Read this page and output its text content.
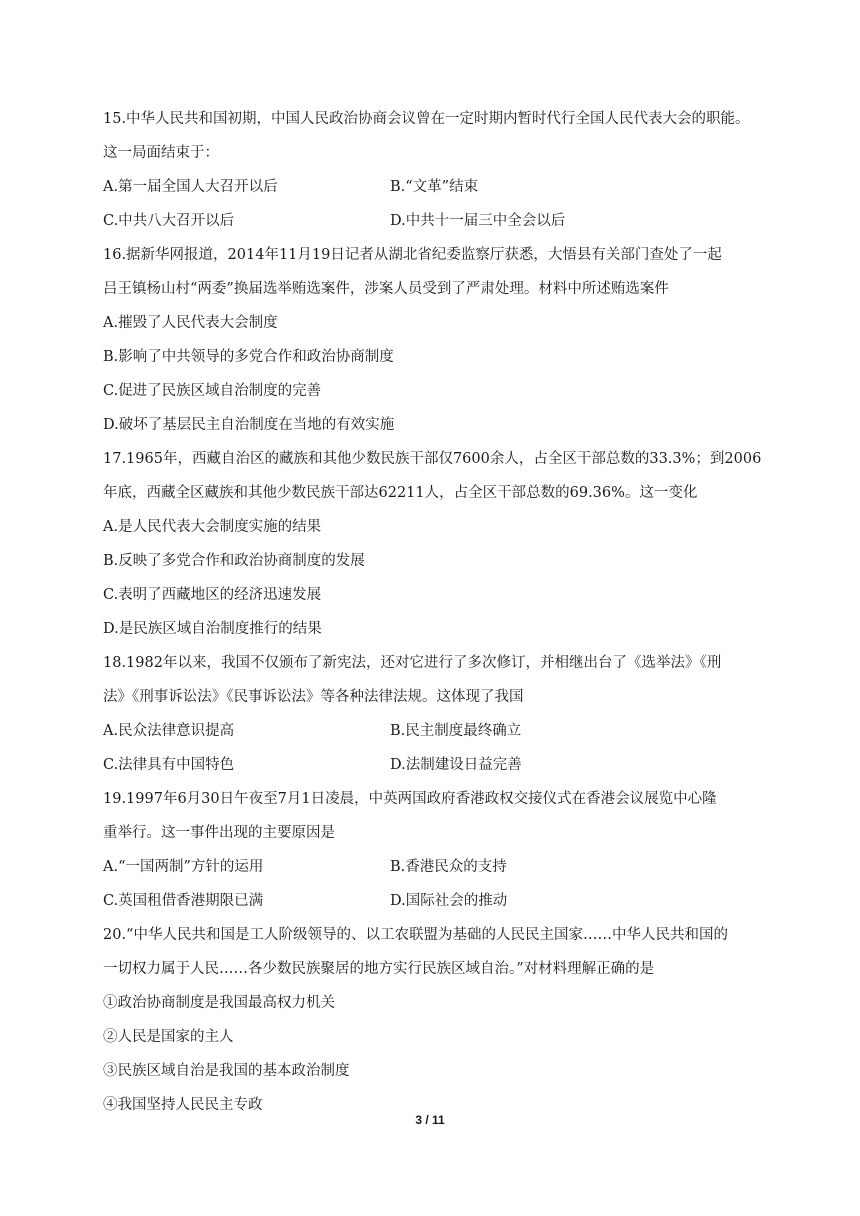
15.中华人民共和国初期，中国人民政治协商会议曾在一定时期内暂时代行全国人民代表大会的职能。
这一局面结束于：
A.第一届全国人大召开以后	B.“文革”结束
C.中共八大召开以后	D.中共十一届三中全会以后
16.据新华网报道，2014年11月19日记者从湖北省纪委监察厅获悉，大悟县有关部门查处了一起
吕王镇杨山村“两委”换届选举贿选案件，涉案人员受到了严肃处理。材料中所述贿选案件
A.摧毁了人民代表大会制度
B.影响了中共领导的多党合作和政治协商制度
C.促进了民族区域自治制度的完善
D.破坏了基层民主自治制度在当地的有效实施
17.1965年，西藏自治区的藏族和其他少数民族干部仅7600余人，占全区干部总数的33.3%；到2006
年底，西藏全区藏族和其他少数民族干部达62211人，占全区干部总数的69.36%。这一变化
A.是人民代表大会制度实施的结果
B.反映了多党合作和政治协商制度的发展
C.表明了西藏地区的经济迅速发展
D.是民族区域自治制度推行的结果
18.1982年以来，我国不仅颁布了新宪法，还对它进行了多次修订，并相继出台了《选举法》《刑
法》《刑事诉讼法》《民事诉讼法》等各种法律法规。这体现了我国
A.民众法律意识提高	B.民主制度最终确立
C.法律具有中国特色	D.法制建设日益完善
19.1997年6月30日午夜至7月1日凌晨，中英两国政府香港政权交接仪式在香港会议展览中心隆
重举行。这一事件出现的主要原因是
A.“一国两制”方针的运用	B.香港民众的支持
C.英国租借香港期限已满	D.国际社会的推动
20.“中华人民共和国是工人阶级领导的、以工农联盟为基础的人民民主国家……中华人民共和国的
一切权力属于人民……各少数民族聚居的地方实行民族区域自治。”对材料理解正确的是
①政治协商制度是我国最高权力机关
②人民是国家的主人
③民族区域自治是我国的基本政治制度
④我国坚持人民民主专政
3 / 11
